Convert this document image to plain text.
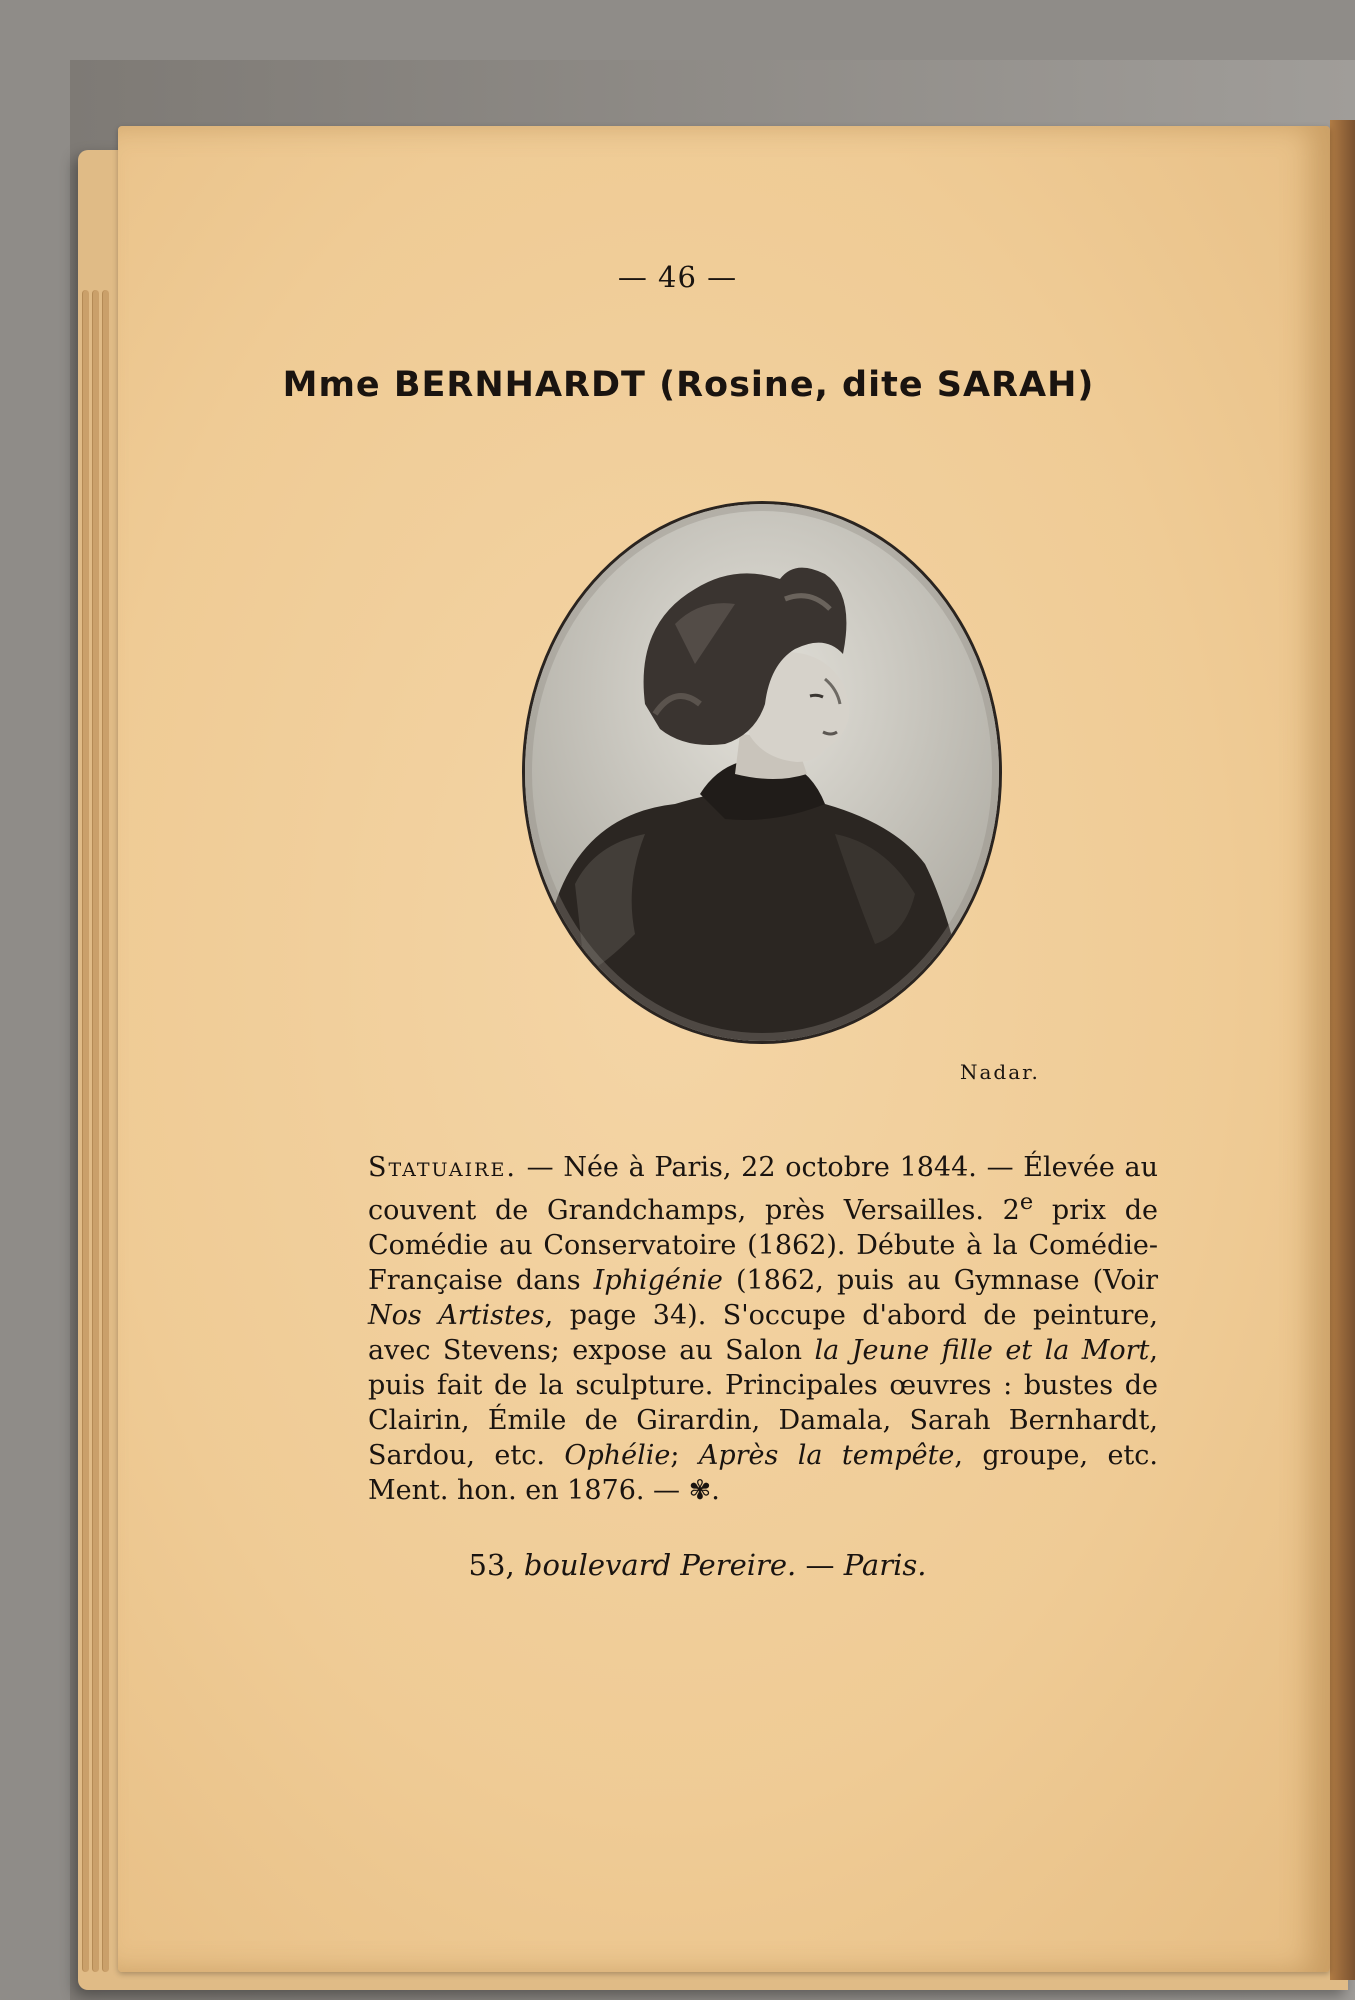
— 46 —
Mme BERNHARDT (Rosine, dite SARAH)
Nadar.
Statuaire. — Née à Paris, 22 octobre 1844. — Élevée au couvent de Grandchamps, près Versailles. 2e prix de Comédie au Conservatoire (1862). Débute à la Comédie-Française dans Iphigénie (1862, puis au Gymnase (Voir Nos Artistes, page 34). S'occupe d'abord de peinture, avec Stevens; expose au Salon la Jeune fille et la Mort, puis fait de la sculpture. Principales œuvres : bustes de Clairin, Émile de Girardin, Damala, Sarah Bernhardt, Sardou, etc. Ophélie; Après la tempête, groupe, etc. Ment. hon. en 1876. — ✾.
53, boulevard Pereire. — Paris.
